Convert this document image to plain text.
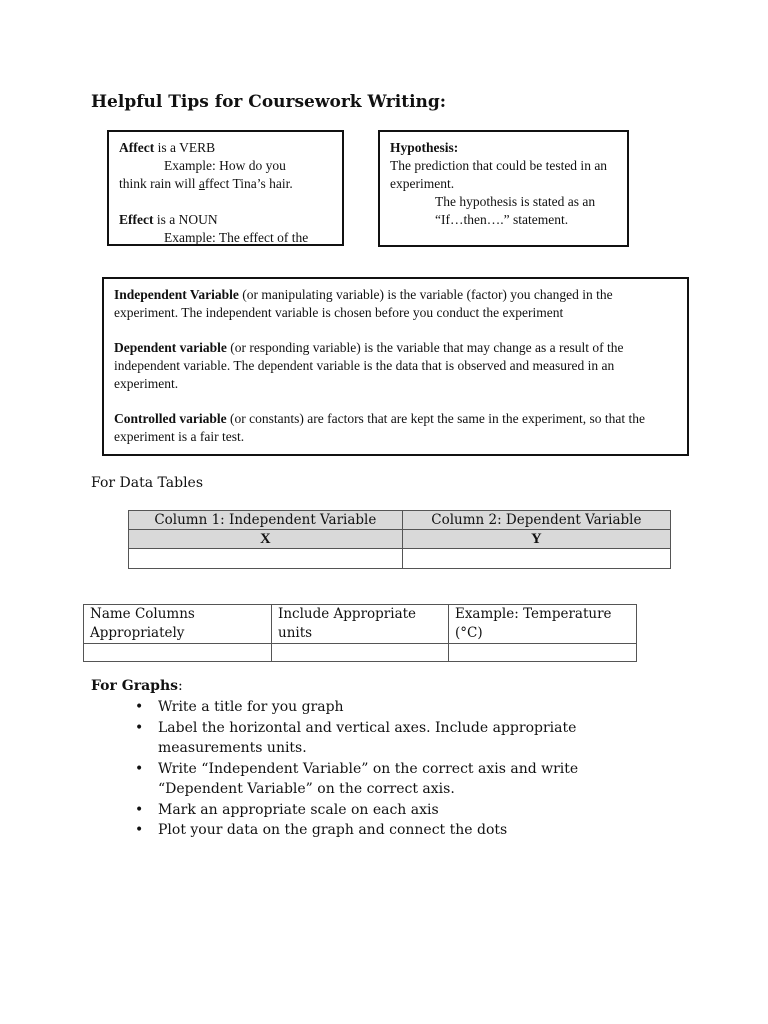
Helpful Tips for Coursework Writing:
Affect is a VERB
Example: How do you
think rain will affect Tina’s hair.
Effect is a NOUN
Example: The effect of the
Hypothesis:
The prediction that could be tested in an experiment.
The hypothesis is stated as an “If…then….” statement.

Independent Variable (or manipulating variable) is the variable (factor) you changed in the experiment. The independent variable is chosen before you conduct the experiment

Dependent variable (or responding variable) is the variable that may change as a result of the independent variable. The dependent variable is the data that is observed and measured in an experiment.

Controlled variable (or constants) are factors that are kept the same in the experiment, so that the experiment is a fair test.

For Data Tables
Column 1: Independent Variable	Column 2: Dependent Variable
X	Y

Name Columns Appropriately	Include Appropriate units	Example: Temperature (°C)

For Graphs:
• Write a title for you graph
• Label the horizontal and vertical axes. Include appropriate measurements units.
• Write “Independent Variable” on the correct axis and write “Dependent Variable” on the correct axis.
• Mark an appropriate scale on each axis
• Plot your data on the graph and connect the dots
